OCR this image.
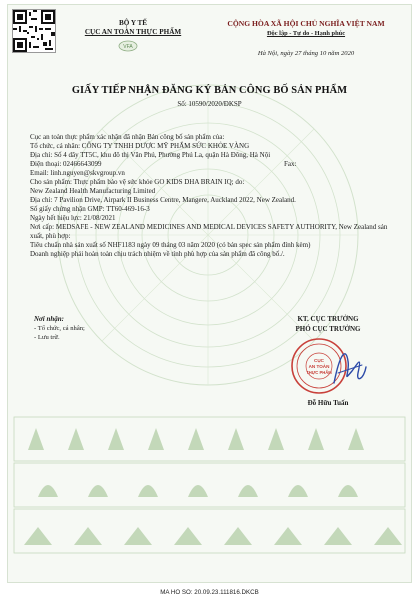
BỘ Y TẾ
CỤC AN TOÀN THỰC PHẨM
VFA
CỘNG HÒA XÃ HỘI CHỦ NGHĨA VIỆT NAM
Độc lập - Tự do - Hạnh phúc
Hà Nội, ngày 27 tháng 10 năm 2020
GIẤY TIẾP NHẬN ĐĂNG KÝ BẢN CÔNG BỐ SẢN PHẨM
Số: 10590/2020/ĐKSP
Cục an toàn thực phẩm xác nhận đã nhận Bản công bố sản phẩm của:
Tổ chức, cá nhân: CÔNG TY TNHH DƯỢC MỸ PHẨM SỨC KHỎE VÀNG
Địa chỉ: Số 4 dãy TT5C, khu đô thị Văn Phú, Phường Phú La, quận Hà Đông, Hà Nội
Điện thoại: 02466643099	Fax:
Email: linh.nguyen@skvgroup.vn
Cho sản phẩm: Thực phẩm bảo vệ sức khỏe GO KIDS DHA BRAIN IQ; do:
New Zealand Health Manufacturing Limited
Địa chỉ: 7 Pavilion Drive, Airpark II Business Centre, Mangere, Auckland 2022, New Zealand.
Số giấy chứng nhận GMP: TT60-469-16-3
Ngày hết hiệu lực: 21/08/2021
Nơi cấp: MEDSAFE - NEW ZEALAND MEDICINES AND MEDICAL DEVICES SAFETY AUTHORITY, New Zealand sản xuất, phù hợp:
Tiêu chuẩn nhà sản xuất số NHF1183 ngày 09 tháng 03 năm 2020 (có bản spec sản phẩm đính kèm)
Doanh nghiệp phải hoàn toàn chịu trách nhiệm về tính phù hợp của sản phẩm đã công bố./.
Nơi nhận:
- Tổ chức, cá nhân;
- Lưu trữ.
KT. CỤC TRƯỞNG
PHÓ CỤC TRƯỞNG
CỤC
AN TOÀN
THỰC PHẨM
Đỗ Hữu Tuấn
MA HO SO: 20.09.23.111816.DKCB
